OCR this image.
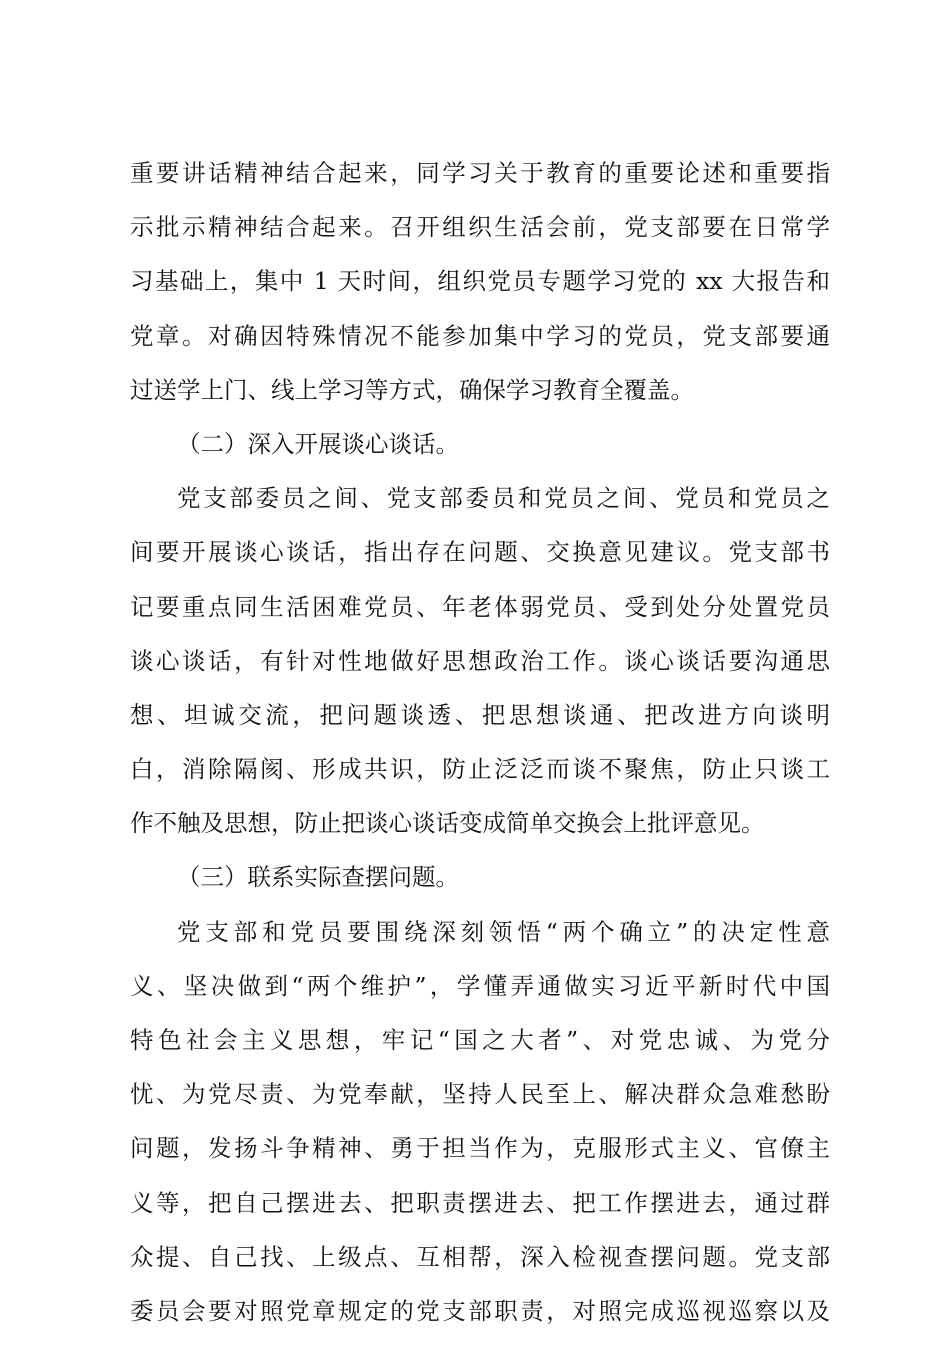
重要讲话精神结合起来，同学习关于教育的重要论述和重要指
示批示精神结合起来。召开组织生活会前，党支部要在日常学
习基础上，集中 1 天时间，组织党员专题学习党的 xx 大报告和
党章。对确因特殊情况不能参加集中学习的党员，党支部要通
过送学上门、线上学习等方式，确保学习教育全覆盖。
（二）深入开展谈心谈话。
党支部委员之间、党支部委员和党员之间、党员和党员之
间要开展谈心谈话，指出存在问题、交换意见建议。党支部书
记要重点同生活困难党员、年老体弱党员、受到处分处置党员
谈心谈话，有针对性地做好思想政治工作。谈心谈话要沟通思
想、坦诚交流，把问题谈透、把思想谈通、把改进方向谈明
白，消除隔阂、形成共识，防止泛泛而谈不聚焦，防止只谈工
作不触及思想，防止把谈心谈话变成简单交换会上批评意见。
（三）联系实际查摆问题。
党支部和党员要围绕深刻领悟“两个确立”的决定性意
义、坚决做到“两个维护”，学懂弄通做实习近平新时代中国
特色社会主义思想，牢记“国之大者”、对党忠诚、为党分
忧、为党尽责、为党奉献，坚持人民至上、解决群众急难愁盼
问题，发扬斗争精神、勇于担当作为，克服形式主义、官僚主
义等，把自己摆进去、把职责摆进去、把工作摆进去，通过群
众提、自己找、上级点、互相帮，深入检视查摆问题。党支部
委员会要对照党章规定的党支部职责，对照完成巡视巡察以及
